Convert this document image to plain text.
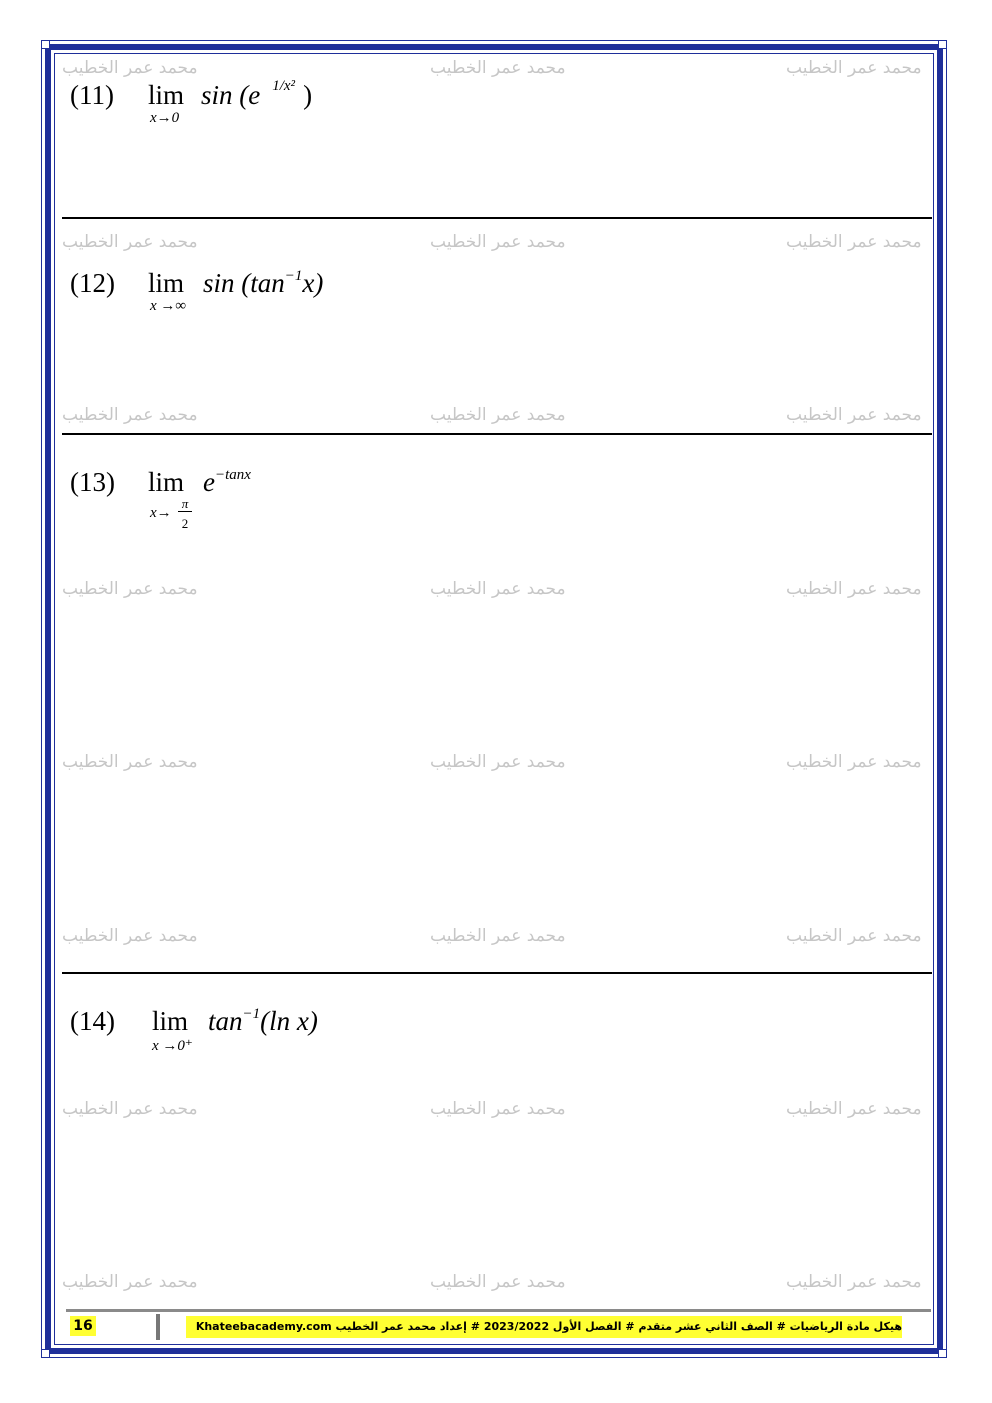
محمد عمر الخطيب	محمد عمر الخطيب	محمد عمر الخطيب
محمد عمر الخطيب	محمد عمر الخطيب	محمد عمر الخطيب
محمد عمر الخطيب	محمد عمر الخطيب	محمد عمر الخطيب
محمد عمر الخطيب	محمد عمر الخطيب	محمد عمر الخطيب
محمد عمر الخطيب	محمد عمر الخطيب	محمد عمر الخطيب
محمد عمر الخطيب	محمد عمر الخطيب	محمد عمر الخطيب
محمد عمر الخطيب	محمد عمر الخطيب	محمد عمر الخطيب
محمد عمر الخطيب	محمد عمر الخطيب	محمد عمر الخطيب
(11) lim
x→0
sin (e $^{1/x^2}$ )
(12) lim
x →∞
$\sin (\tan^{-1}x)$
(13) lim
x→
π
2
$e^{-tanx}$
(14) lim
x →0⁺
$\tan^{-1}(\ln$ x)
16	هيكل مادة الرياضيات # الصف الثاني عشر متقدم # الفصل الأول 2023/2022 # إعداد محمد عمر الخطيب Khateebacademy.com
